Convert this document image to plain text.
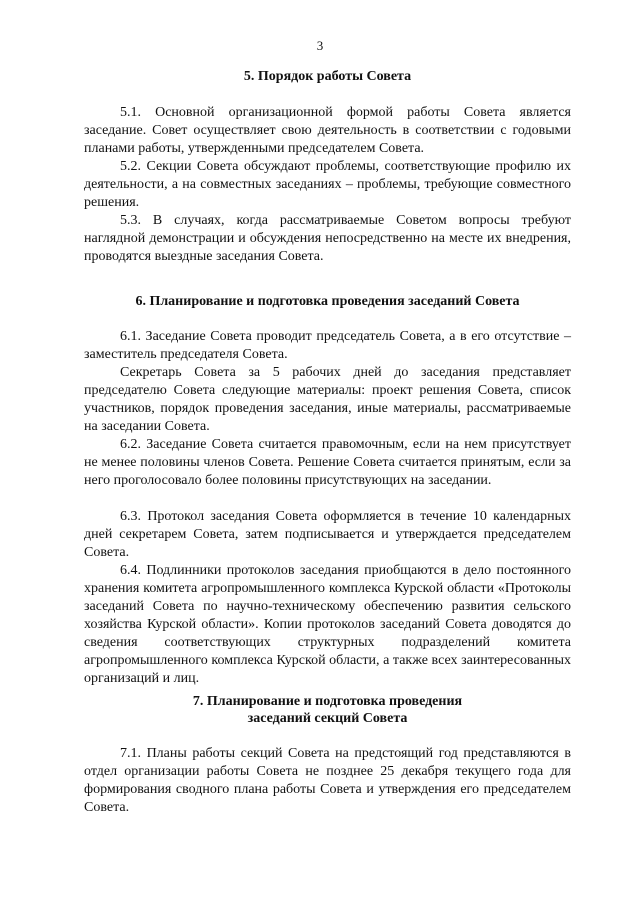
3
5. Порядок работы Совета

5.1. Основной организационной формой работы Совета является заседание. Совет осуществляет свою деятельность в соответствии с годовыми планами работы, утвержденными председателем Совета.

5.2. Секции Совета обсуждают проблемы, соответствующие профилю их деятельности, а на совместных заседаниях – проблемы, требующие совместного решения.

5.3. В случаях, когда рассматриваемые Советом вопросы требуют наглядной демонстрации и обсуждения непосредственно на месте их внедрения, проводятся выездные заседания Совета.

6. Планирование и подготовка проведения заседаний Совета

6.1. Заседание Совета проводит председатель Совета, а в его отсутствие – заместитель председателя Совета.

Секретарь Совета за 5 рабочих дней до заседания представляет председателю Совета следующие материалы: проект решения Совета, список участников, порядок проведения заседания, иные материалы, рассматриваемые на заседании Совета.

6.2. Заседание Совета считается правомочным, если на нем присутствует не менее половины членов Совета. Решение Совета считается принятым, если за него проголосовало более половины присутствующих на заседании.

6.3. Протокол заседания Совета оформляется в течение 10 календарных дней секретарем Совета, затем подписывается и утверждается председателем Совета.

6.4. Подлинники протоколов заседания приобщаются в дело постоянного хранения комитета агропромышленного комплекса Курской области «Протоколы заседаний Совета по научно-техническому обеспечению развития сельского хозяйства Курской области». Копии протоколов заседаний Совета доводятся до сведения соответствующих структурных подразделений комитета агропромышленного комплекса Курской области, а также всех заинтересованных организаций и лиц.

7. Планирование и подготовка проведения
заседаний секций Совета

7.1. Планы работы секций Совета на предстоящий год представляются в отдел организации работы Совета не позднее 25 декабря текущего года для формирования сводного плана работы Совета и утверждения его председателем Совета.
